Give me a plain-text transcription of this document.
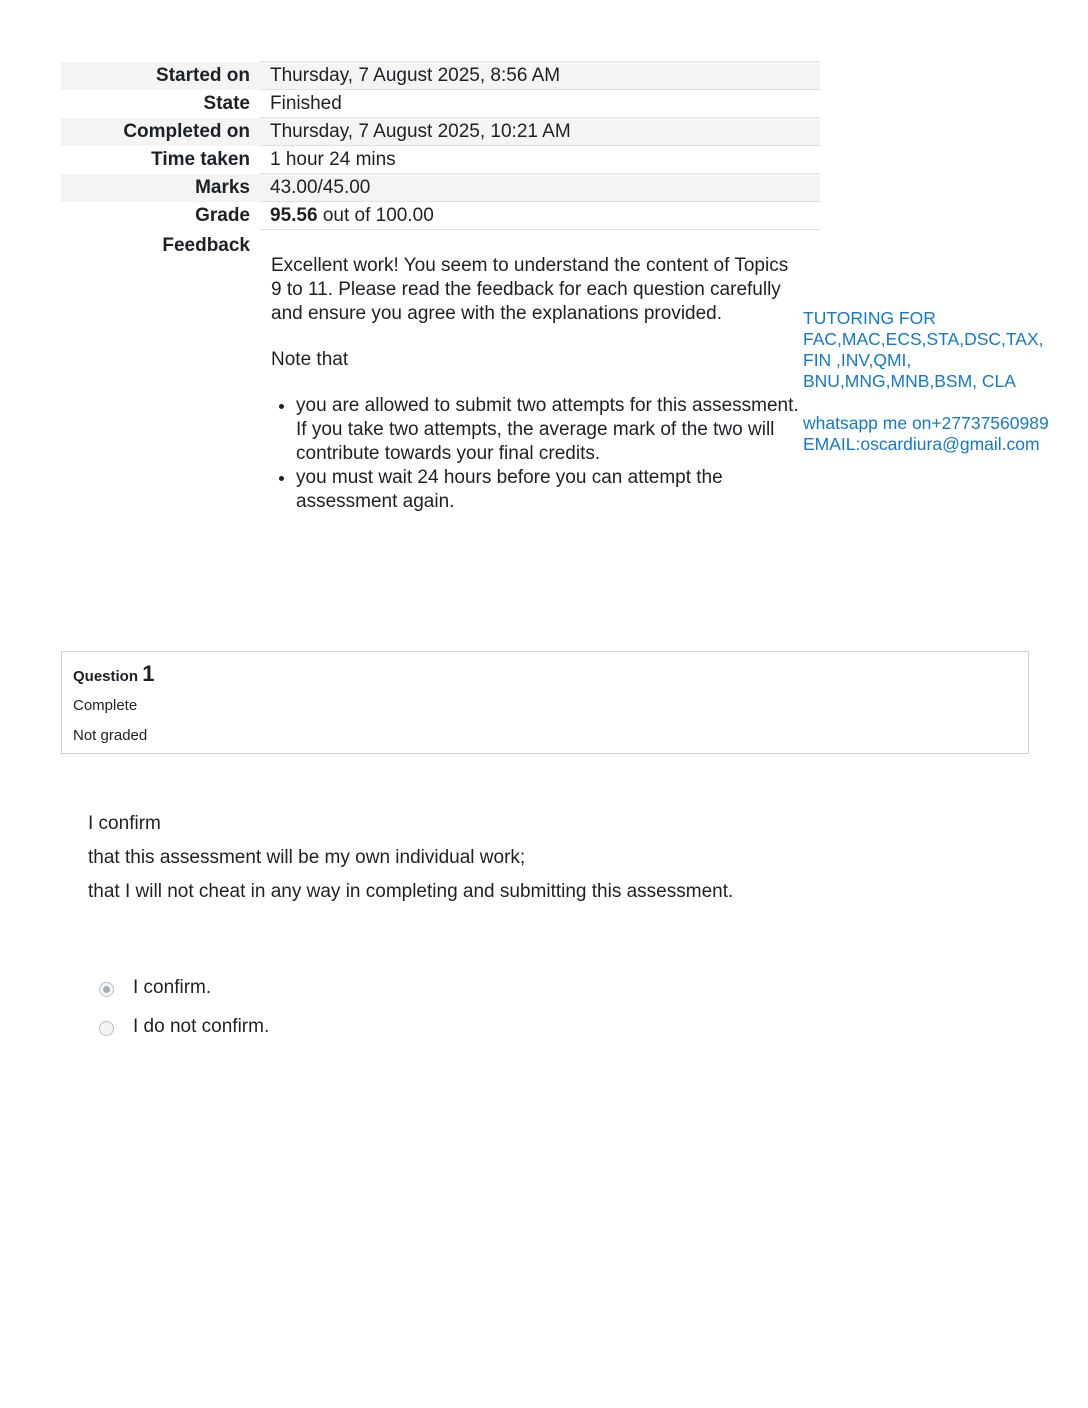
Started on	Thursday, 7 August 2025, 8:56 AM
State	Finished
Completed on	Thursday, 7 August 2025, 10:21 AM
Time taken	1 hour 24 mins
Marks	43.00/45.00
Grade	95.56 out of 100.00
Feedback

Excellent work! You seem to understand the content of Topics 9 to 11. Please read the feedback for each question carefully and ensure you agree with the explanations provided.

Note that

• you are allowed to submit two attempts for this assessment. If you take two attempts, the average mark of the two will contribute towards your final credits.
• you must wait 24 hours before you can attempt the assessment again.
TUTORING FOR
FAC,MAC,ECS,STA,DSC,TAX,
FIN ,INV,QMI,
BNU,MNG,MNB,BSM, CLA
whatsapp me on+27737560989
EMAIL:oscardiura@gmail.com
Question 1
Complete
Not graded
I confirm
that this assessment will be my own individual work;
that I will not cheat in any way in completing and submitting this assessment.
I confirm.
I do not confirm.
